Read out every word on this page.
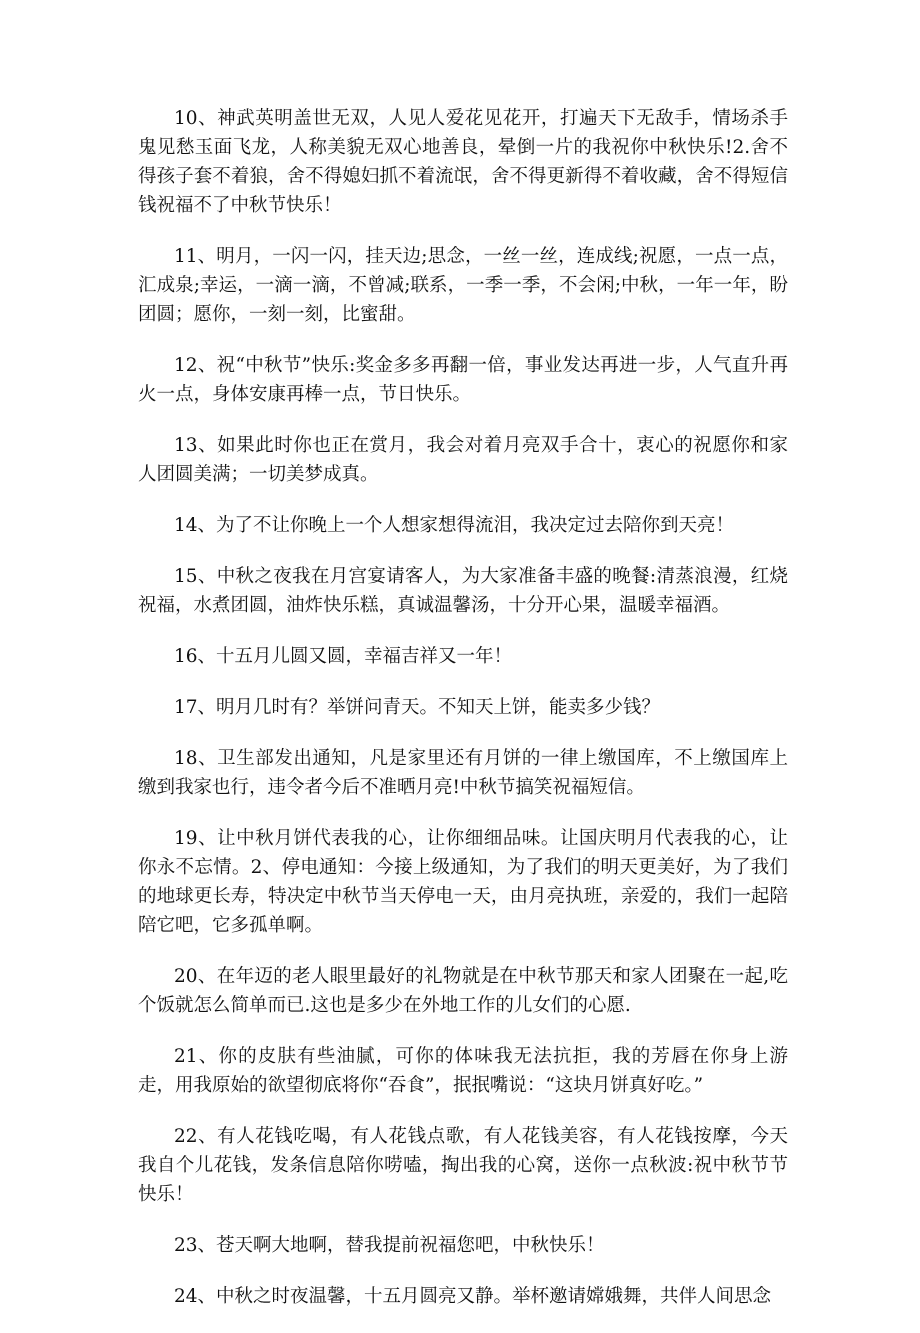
10、神武英明盖世无双，人见人爱花见花开，打遍天下无敌手，情场杀手鬼见愁玉面飞龙，人称美貌无双心地善良，晕倒一片的我祝你中秋快乐!2.舍不得孩子套不着狼，舍不得媳妇抓不着流氓，舍不得更新得不着收藏，舍不得短信钱祝福不了中秋节快乐！

11、明月，一闪一闪，挂天边;思念，一丝一丝，连成线;祝愿，一点一点，汇成泉;幸运，一滴一滴，不曾减;联系，一季一季，不会闲;中秋，一年一年，盼团圆；愿你，一刻一刻，比蜜甜。

12、祝“中秋节”快乐:奖金多多再翻一倍，事业发达再进一步，人气直升再火一点，身体安康再棒一点，节日快乐。

13、如果此时你也正在赏月，我会对着月亮双手合十，衷心的祝愿你和家人团圆美满；一切美梦成真。

14、为了不让你晚上一个人想家想得流泪，我决定过去陪你到天亮！

15、中秋之夜我在月宫宴请客人，为大家准备丰盛的晚餐:清蒸浪漫，红烧祝福，水煮团圆，油炸快乐糕，真诚温馨汤，十分开心果，温暖幸福酒。

16、十五月儿圆又圆，幸福吉祥又一年！

17、明月几时有？举饼问青天。不知天上饼，能卖多少钱？

18、卫生部发出通知，凡是家里还有月饼的一律上缴国库，不上缴国库上缴到我家也行，违令者今后不准晒月亮!中秋节搞笑祝福短信。

19、让中秋月饼代表我的心，让你细细品味。让国庆明月代表我的心，让你永不忘情。2、停电通知：今接上级通知，为了我们的明天更美好，为了我们的地球更长寿，特决定中秋节当天停电一天，由月亮执班，亲爱的，我们一起陪陪它吧，它多孤单啊。

20、在年迈的老人眼里最好的礼物就是在中秋节那天和家人团聚在一起,吃个饭就怎么简单而已.这也是多少在外地工作的儿女们的心愿.

21、你的皮肤有些油腻，可你的体味我无法抗拒，我的芳唇在你身上游走，用我原始的欲望彻底将你“吞食”，抿抿嘴说：“这块月饼真好吃。”

22、有人花钱吃喝，有人花钱点歌，有人花钱美容，有人花钱按摩，今天我自个儿花钱，发条信息陪你唠嗑，掏出我的心窝，送你一点秋波:祝中秋节节快乐！

23、苍天啊大地啊，替我提前祝福您吧，中秋快乐！

24、中秋之时夜温馨，十五月圆亮又静。举杯邀请嫦娥舞，共伴人间思念
